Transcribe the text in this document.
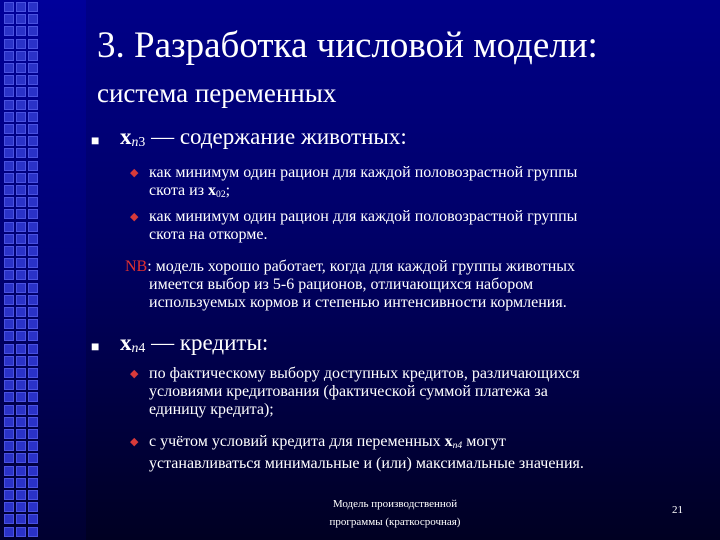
3. Разработка числовой модели:
система переменных
■ $x_{n3}$ — содержание животных:
◆ как минимум один рацион для каждой половозрастной группы
скота из $x_{02}$;
◆ как минимум один рацион для каждой половозрастной группы
скота на откорме.
NB: модель хорошо работает, когда для каждой группы животных
имеется выбор из 5-6 рационов, отличающихся набором
используемых кормов и степенью интенсивности кормления.
■ $x_{n4}$ — кредиты:
◆ по фактическому выбору доступных кредитов, различающихся
условиями кредитования (фактической суммой платежа за
единицу кредита);
◆ с учётом условий кредита для переменных $x_{n4}$ могут
устанавливаться минимальные и (или) максимальные значения.
Модель производственной
программы (краткосрочная)
21
